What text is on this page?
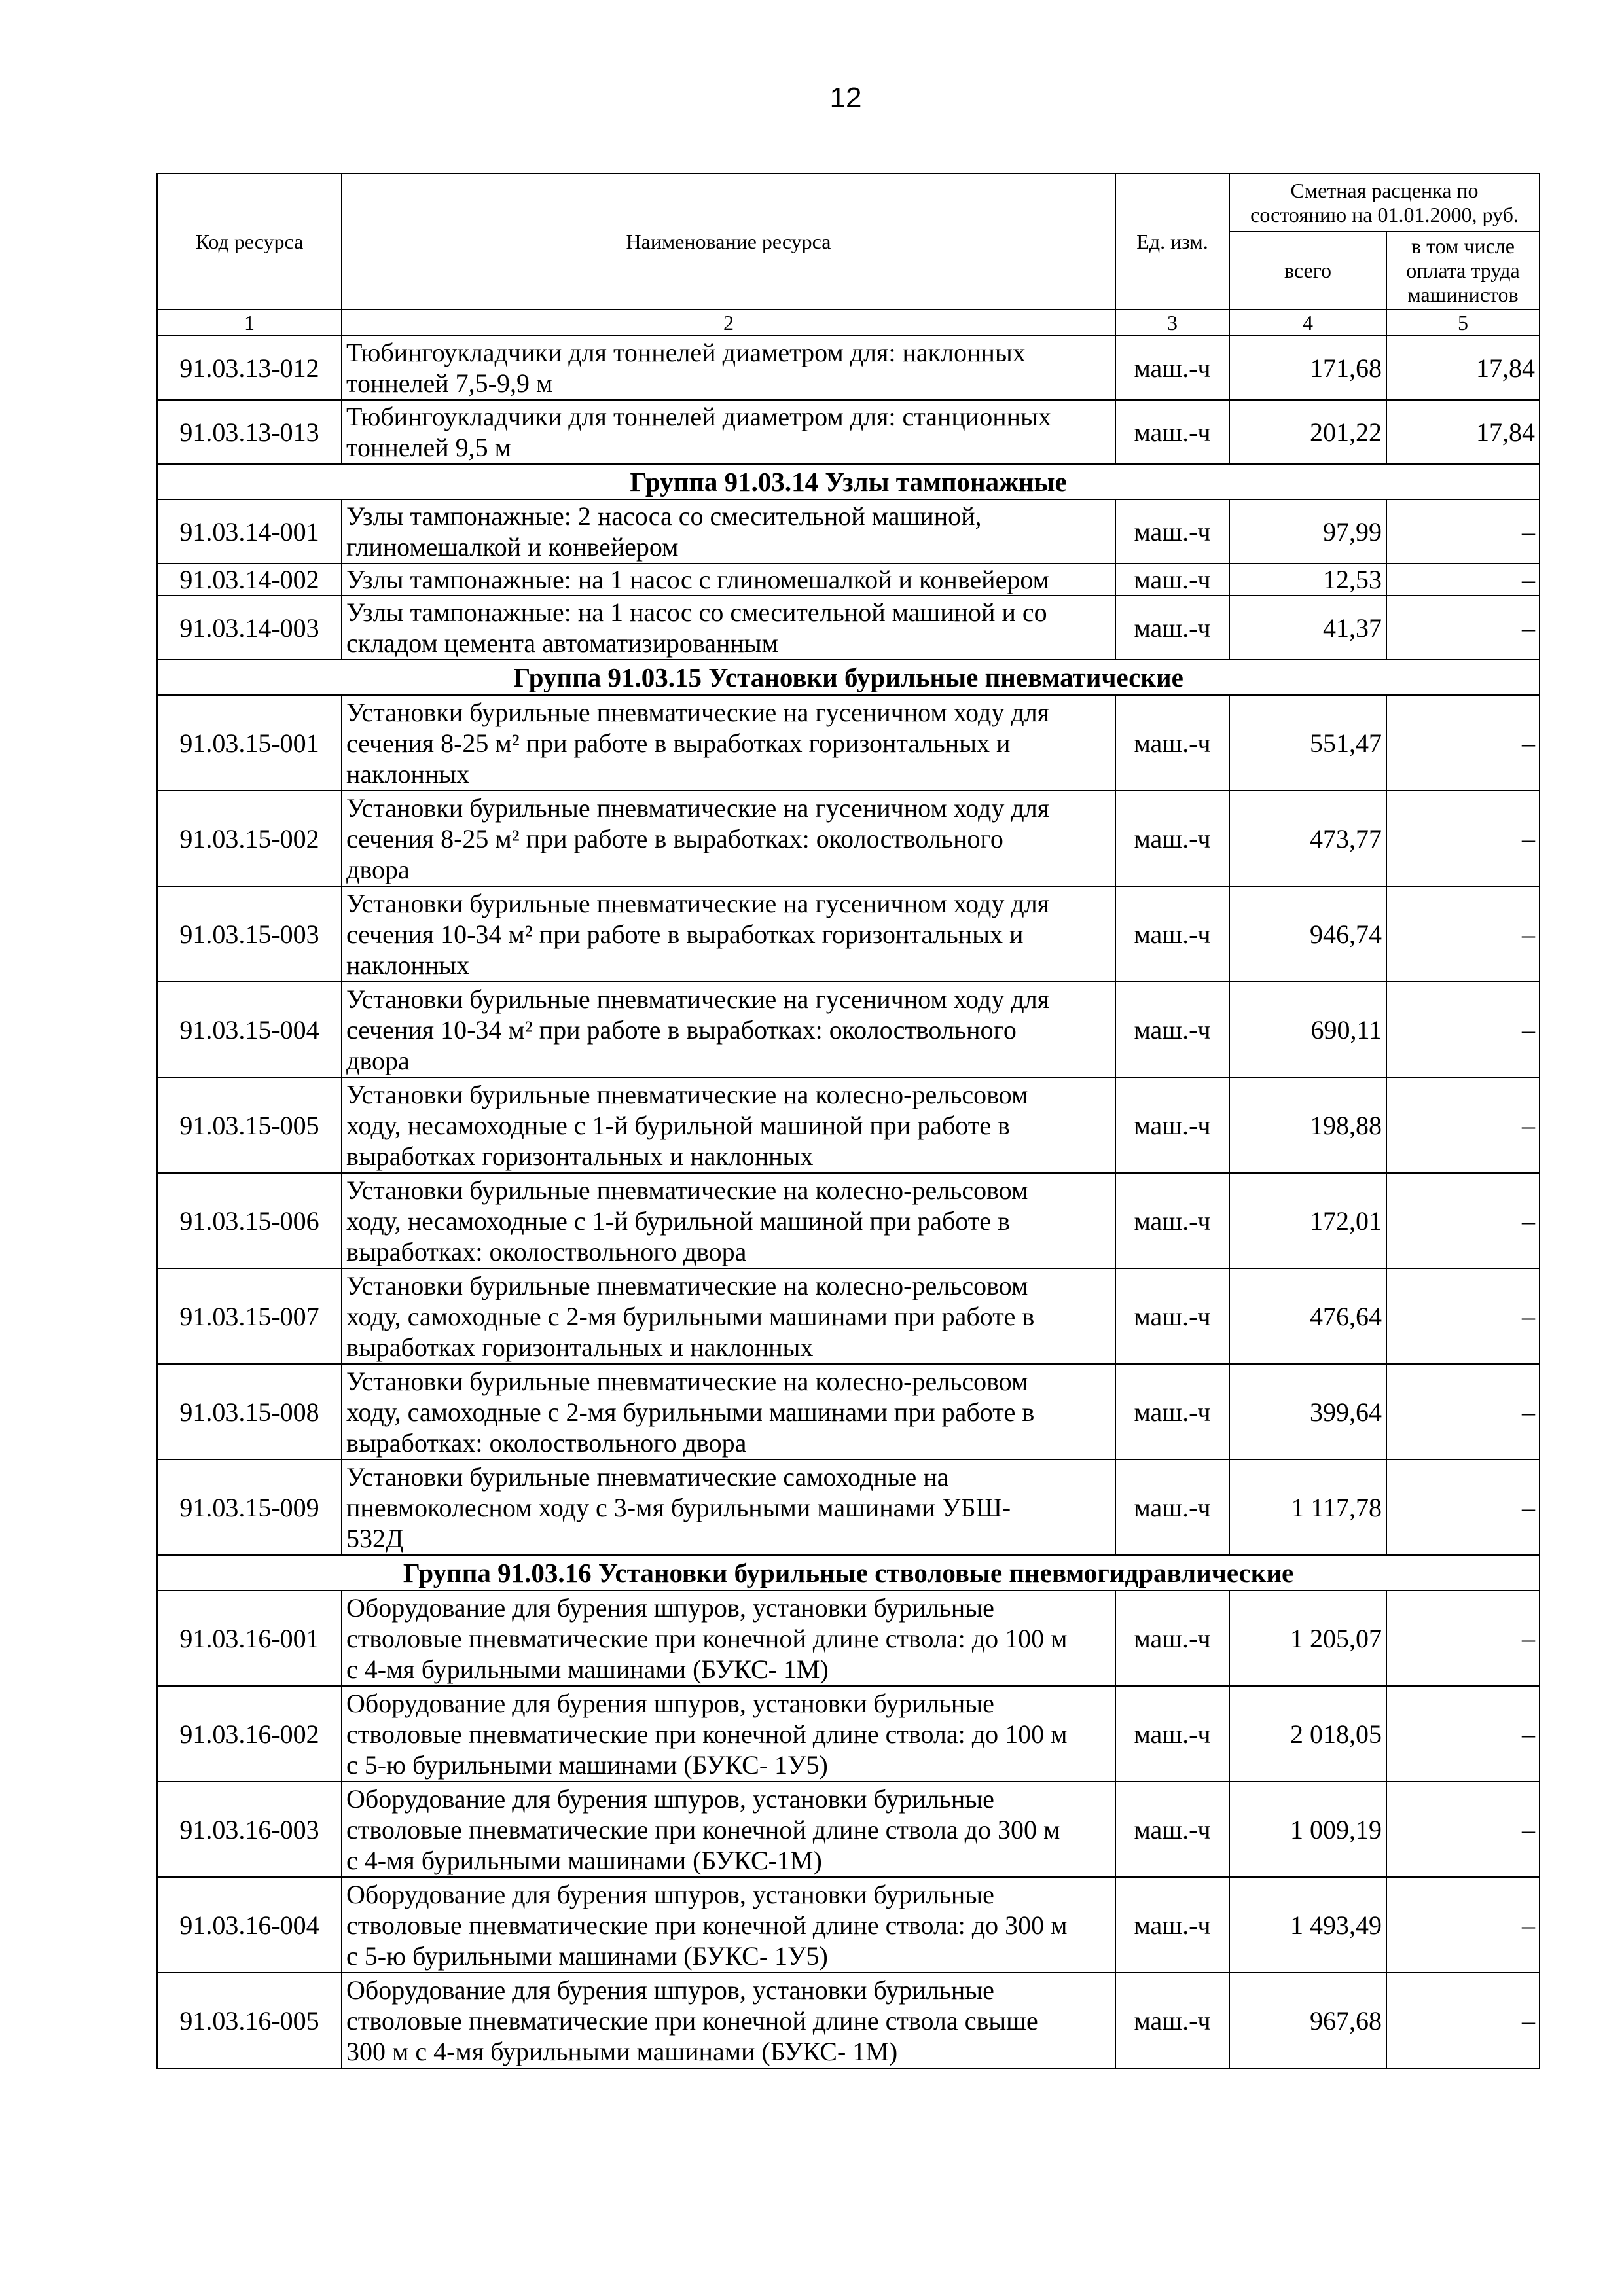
12
Код ресурса	Наименование ресурса	Ед. изм.	Сметная расценка по
состоянию на 01.01.2000, руб.	
			всего	в том числе
оплата труда
машинистов
1	2	3	4	5
91.03.13-012	Тюбингоукладчики для тоннелей диаметром для: наклонных
тоннелей 7,5-9,9 м	маш.-ч	171,68	17,84
91.03.13-013	Тюбингоукладчики для тоннелей диаметром для: станционных
тоннелей 9,5 м	маш.-ч	201,22	17,84
Группа 91.03.14 Узлы тампонажные				
91.03.14-001	Узлы тампонажные: 2 насоса со смесительной машиной,
глиномешалкой и конвейером	маш.-ч	97,99	–
91.03.14-002	Узлы тампонажные: на 1 насос с глиномешалкой и конвейером	маш.-ч	12,53	–
91.03.14-003	Узлы тампонажные: на 1 насос со смесительной машиной и со
складом цемента автоматизированным	маш.-ч	41,37	–
Группа 91.03.15 Установки бурильные пневматические				
91.03.15-001	Установки бурильные пневматические на гусеничном ходу для
сечения 8-25 м² при работе в выработках горизонтальных и
наклонных	маш.-ч	551,47	–
91.03.15-002	Установки бурильные пневматические на гусеничном ходу для
сечения 8-25 м² при работе в выработках: околоствольного
двора	маш.-ч	473,77	–
91.03.15-003	Установки бурильные пневматические на гусеничном ходу для
сечения 10-34 м² при работе в выработках горизонтальных и
наклонных	маш.-ч	946,74	–
91.03.15-004	Установки бурильные пневматические на гусеничном ходу для
сечения 10-34 м² при работе в выработках: околоствольного
двора	маш.-ч	690,11	–
91.03.15-005	Установки бурильные пневматические на колесно-рельсовом
ходу, несамоходные с 1-й бурильной машиной при работе в
выработках горизонтальных и наклонных	маш.-ч	198,88	–
91.03.15-006	Установки бурильные пневматические на колесно-рельсовом
ходу, несамоходные с 1-й бурильной машиной при работе в
выработках: околоствольного двора	маш.-ч	172,01	–
91.03.15-007	Установки бурильные пневматические на колесно-рельсовом
ходу, самоходные с 2-мя бурильными машинами при работе в
выработках горизонтальных и наклонных	маш.-ч	476,64	–
91.03.15-008	Установки бурильные пневматические на колесно-рельсовом
ходу, самоходные с 2-мя бурильными машинами при работе в
выработках: околоствольного двора	маш.-ч	399,64	–
91.03.15-009	Установки бурильные пневматические самоходные на
пневмоколесном ходу с 3-мя бурильными машинами УБШ-
532Д	маш.-ч	1 117,78	–
Группа 91.03.16 Установки бурильные стволовые пневмогидравлические				
91.03.16-001	Оборудование для бурения шпуров, установки бурильные
стволовые пневматические при конечной длине ствола: до 100 м
с 4-мя бурильными машинами (БУКС- 1М)	маш.-ч	1 205,07	–
91.03.16-002	Оборудование для бурения шпуров, установки бурильные
стволовые пневматические при конечной длине ствола: до 100 м
с 5-ю бурильными машинами (БУКС- 1У5)	маш.-ч	2 018,05	–
91.03.16-003	Оборудование для бурения шпуров, установки бурильные
стволовые пневматические при конечной длине ствола до 300 м
с 4-мя бурильными машинами (БУКС-1М)	маш.-ч	1 009,19	–
91.03.16-004	Оборудование для бурения шпуров, установки бурильные
стволовые пневматические при конечной длине ствола: до 300 м
с 5-ю бурильными машинами (БУКС- 1У5)	маш.-ч	1 493,49	–
91.03.16-005	Оборудование для бурения шпуров, установки бурильные
стволовые пневматические при конечной длине ствола свыше
300 м с 4-мя бурильными машинами (БУКС- 1М)	маш.-ч	967,68	–
